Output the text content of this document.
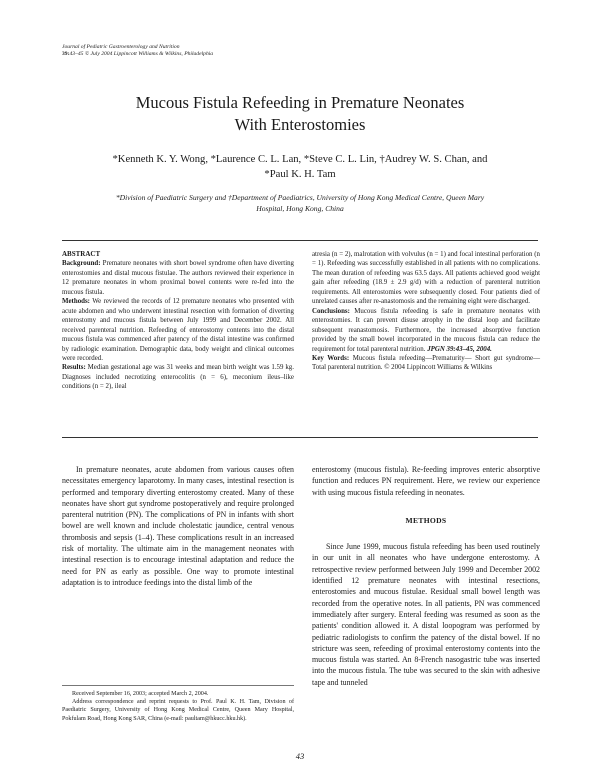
Journal of Pediatric Gastroenterology and Nutrition
39:43–45 © July 2004 Lippincott Williams & Wilkins, Philadelphia
Mucous Fistula Refeeding in Premature Neonates
With Enterostomies
*Kenneth K. Y. Wong, *Laurence C. L. Lan, *Steve C. L. Lin, †Audrey W. S. Chan, and
*Paul K. H. Tam
*Division of Paediatric Surgery and †Department of Paediatrics, University of Hong Kong Medical Centre, Queen Mary
Hospital, Hong Kong, China
ABSTRACT

Background: Premature neonates with short bowel syndrome often have diverting enterostomies and distal mucous fistulae. The authors reviewed their experience in 12 premature neonates in whom proximal bowel contents were re-fed into the mucous fistula.

Methods: We reviewed the records of 12 premature neonates who presented with acute abdomen and who underwent intestinal resection with formation of diverting enterostomy and mucous fistula between July 1999 and December 2002. All received parenteral nutrition. Refeeding of enterostomy contents into the distal mucous fistula was commenced after patency of the distal intestine was confirmed by radiologic examination. Demographic data, body weight and clinical outcomes were recorded.

Results: Median gestational age was 31 weeks and mean birth weight was 1.59 kg. Diagnoses included necrotizing enterocolitis (n = 6), meconium ileus–like conditions (n = 2), ileal

atresia (n = 2), malrotation with volvulus (n = 1) and focal intestinal perforation (n = 1). Refeeding was successfully established in all patients with no complications. The mean duration of refeeding was 63.5 days. All patients achieved good weight gain after refeeding (18.9 ± 2.9 g/d) with a reduction of parenteral nutrition requirements. All enterostomies were subsequently closed. Four patients died of unrelated causes after re-anastomosis and the remaining eight were discharged.

Conclusions: Mucous fistula refeeding is safe in premature neonates with enterostomies. It can prevent disuse atrophy in the distal loop and facilitate subsequent reanastomosis. Furthermore, the increased absorptive function provided by the small bowel incorporated in the mucous fistula can reduce the requirement for total parenteral nutrition. JPGN 39:43–45, 2004.

Key Words: Mucous fistula refeeding—Prematurity— Short gut syndrome—Total parenteral nutrition. © 2004 Lippincott Williams & Wilkins

In premature neonates, acute abdomen from various causes often necessitates emergency laparotomy. In many cases, intestinal resection is performed and temporary diverting enterostomy created. Many of these neonates have short gut syndrome postoperatively and require prolonged parenteral nutrition (PN). The complications of PN in infants with short bowel are well known and include cholestatic jaundice, central venous thrombosis and sepsis (1–4). These complications result in an increased risk of mortality. The ultimate aim in the management neonates with intestinal resection is to encourage intestinal adaptation and reduce the need for PN as early as possible. One way to promote intestinal adaptation is to introduce feedings into the distal limb of the

Received September 16, 2003; accepted March 2, 2004.

Address correspondence and reprint requests to Prof. Paul K. H. Tam, Division of Paediatric Surgery, University of Hong Kong Medical Centre, Queen Mary Hospital, Pokfulam Road, Hong Kong SAR, China (e-mail: paultam@hkucc.hku.hk).

enterostomy (mucous fistula). Re-feeding improves enteric absorptive function and reduces PN requirement. Here, we review our experience with using mucous fistula refeeding in neonates.

METHODS

Since June 1999, mucous fistula refeeding has been used routinely in our unit in all neonates who have undergone enterostomy. A retrospective review performed between July 1999 and December 2002 identified 12 premature neonates with intestinal resections, enterostomies and mucous fistulae. Residual small bowel length was recorded from the operative notes. In all patients, PN was commenced immediately after surgery. Enteral feeding was resumed as soon as the patients' condition allowed it. A distal loopogram was performed by pediatric radiologists to confirm the patency of the distal bowel. If no stricture was seen, refeeding of proximal enterostomy contents into the mucous fistula was started. An 8-French nasogastric tube was inserted into the mucous fistula. The tube was secured to the skin with adhesive tape and tunneled

43
